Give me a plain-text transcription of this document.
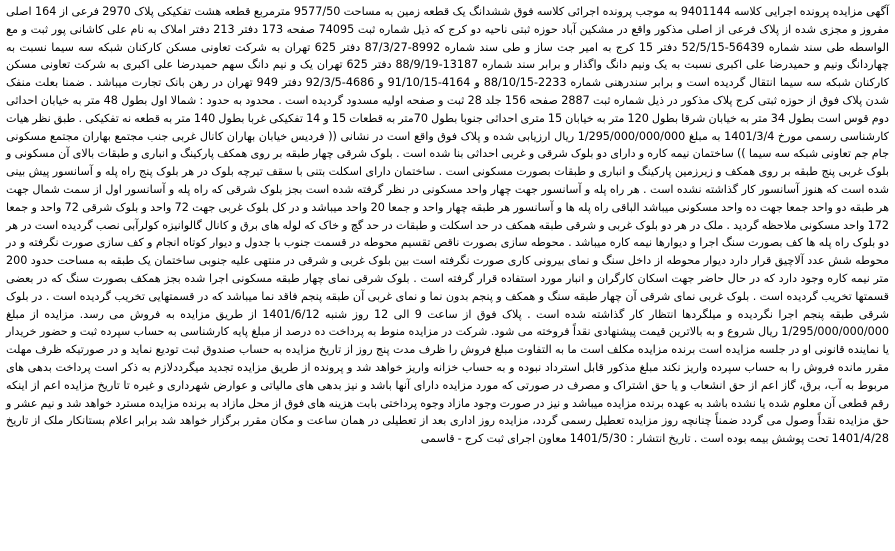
آگهی مزایده پرونده اجرایی کلاسه 9401144 به موجب پرونده اجرائی کلاسه فوق ششدانگ یک قطعه زمین به مساحت 9577/50 مترمربع قطعه هشت تفکیکی پلاک 2970 فرعی از 164 اصلی مفروز و مجزی شده از پلاک فرعی از اصلی مذکور واقع در مشکین آباد حوزه ثبتی ناحیه دو کرج که ذیل شماره ثبت 74095 صفحه 173 دفتر 213 دفتر املاک به نام علی کاشانی پور ثبت و مع الواسطه طی سند شماره 56439-52/5/15 دفتر 15 کرج به امیر جت ساز و طی سند شماره 8992-87/3/27 دفتر 625 تهران به شرکت تعاونی مسکن کارکنان شبکه سه سیما نسبت به چهاردانگ ونیم و حمیدرضا علی اکبری نسبت به یک ونیم دانگ واگذار و برابر سند شماره 13187-88/9/19 دفتر 625 تهران یک و نیم دانگ سهم حمیدرضا علی اکبری به شرکت تعاونی مسکن کارکنان شبکه سه سیما انتقال گردیده است و برابر سندرهنی شماره 2233-88/10/15 و 4164-91/10/15 و 4686-92/3/5 دفتر 949 تهران در رهن بانک تجارت میباشد . ضمنا بعلت منفک شدن پلاک فوق از حوزه ثبتی کرج پلاک مذکور در ذیل شماره ثبت 2887 صفحه 156 جلد 28 ثبت و صفحه اولیه مسدود گردیده است . محدود به حدود : شمالا اول بطول 48 متر به خیابان احداثی دوم قوس است بطول 34 متر به خیابان شرقا بطول 120 متر به خیابان 15 متری احداثی جنوبا بطول 70متر به قطعات 15 و 14 تفکیکی غربا بطول 140 متر به قطعه نه تفکیکی . طبق نظر هیات کارشناسی رسمی مورخ 1401/3/4 به مبلغ 1/295/000/000/000 ریال ارزیابی شده و پلاک فوق واقع است در نشانی (( فردیس خیابان بهاران کانال غربی جنب مجتمع بهاران مجتمع مسکونی جام جم تعاونی شبکه سه سیما )) ساختمان نیمه کاره و دارای دو بلوک شرقی و غربی احداثی بنا شده است . بلوک شرقی چهار طبقه بر روی همکف پارکینگ و انباری و طبقات بالای آن مسکونی و بلوک غربی پنج طبقه بر روی همکف و زیرزمین پارکینگ و انباری و طبقات بصورت مسکونی است . ساختمان دارای اسکلت بتنی با سقف تیرچه بلوک در هر بلوک پنج راه پله و آسانسور پیش بینی شده است که هنوز آسانسور کار گذاشته نشده است . هر راه پله و آسانسور جهت چهار واحد مسکونی در نظر گرفته شده است بجز بلوک شرقی که راه پله و آسانسور اول از سمت شمال جهت هر طبقه دو واحد جمعا جهت ده واحد مسکونی میباشد الباقی راه پله ها و آسانسور هر طبقه چهار واحد و جمعا 20 واحد میباشد و در کل بلوک غربی جهت 72 واحد و بلوک شرقی 72 واحد و جمعا 172 واحد مسکونی ملاحظه گردید . ملک در هر دو بلوک غربی و شرقی طبقه همکف در حد اسکلت و طبقات در حد گچ و خاک که لوله های برق و کانال گالوانیزه کولرآبی نصب گردیده است در هر دو بلوک راه پله ها کف بصورت سنگ اجرا و دیوارها نیمه کاره میباشد . محوطه سازی بصورت ناقص تقسیم محوطه در قسمت جنوب با جدول و دیوار کوتاه انجام و کف سازی صورت نگرفته و در محوطه شش عدد آلاچیق قرار دارد دیوار محوطه از داخل سنگ و نمای بیرونی کاری صورت نگرفته است بین بلوک غربی و شرقی در منتهی علیه جنوبی ساختمان یک طبقه به مساحت حدود 200 متر نیمه کاره وجود دارد که در حال حاضر جهت اسکان کارگران و انبار مورد استفاده قرار گرفته است . بلوک شرقی نمای چهار طبقه مسکونی اجرا شده بجز همکف بصورت سنگ که در بعضی قسمتها تخریب گردیده است . بلوک غربی نمای شرقی آن چهار طبقه سنگ و همکف و پنجم بدون نما و نمای غربی آن طبقه پنجم فاقد نما میباشد که در قسمتهایی تخریب گردیده است . در بلوک شرقی طبقه پنجم اجرا نگردیده و میلگردها انتظار کار گذاشته شده است . پلاک فوق از ساعت 9 الی 12 روز شنبه 1401/6/12 از طریق مزایده به فروش می رسد. مزایده از مبلغ 1/295/000/000/000 ریال شروع و به بالاترین قیمت پیشنهادی نقداً فروخته می شود. شرکت در مزایده منوط به پرداخت ده درصد از مبلغ پایه کارشناسی به حساب سپرده ثبت و حضور خریدار یا نماینده قانونی او در جلسه مزایده است برنده مزایده مکلف است ما به التفاوت مبلغ فروش را ظرف مدت پنج روز از تاریخ مزایده به حساب صندوق ثبت تودیع نماید و در صورتیکه ظرف مهلت مقرر مانده فروش را به حساب سپرده واریز نکند مبلغ مذکور قابل استرداد نبوده و به حساب خزانه واریز خواهد شد و پرونده از طریق مزایده تجدید میگرددلازم به ذکر است پرداخت بدهی های مربوط به آب، برق، گاز اعم از حق انشعاب و یا حق اشتراک و مصرف در صورتی که مورد مزایده دارای آنها باشد و نیز بدهی های مالیاتی و عوارض شهرداری و غیره تا تاریخ مزایده اعم از اینکه رقم قطعی آن معلوم شده یا نشده باشد به عهده برنده مزایده میباشد و نیز در صورت وجود مازاد وجوه پرداختی بابت هزینه های فوق از محل مازاد به برنده مزایده مسترد خواهد شد و نیم عشر و حق مزایده نقداً وصول می گردد ضمناً چنانچه روز مزایده تعطیل رسمی گردد، مزایده روز اداری بعد از تعطیلی در همان ساعت و مکان مقرر برگزار خواهد شد برابر اعلام بستانکار ملک از تاریخ 1401/4/28 تحت پوشش بیمه بوده است . تاریخ انتشار : 1401/5/30 معاون اجرای ثبت کرج - قاسمی
